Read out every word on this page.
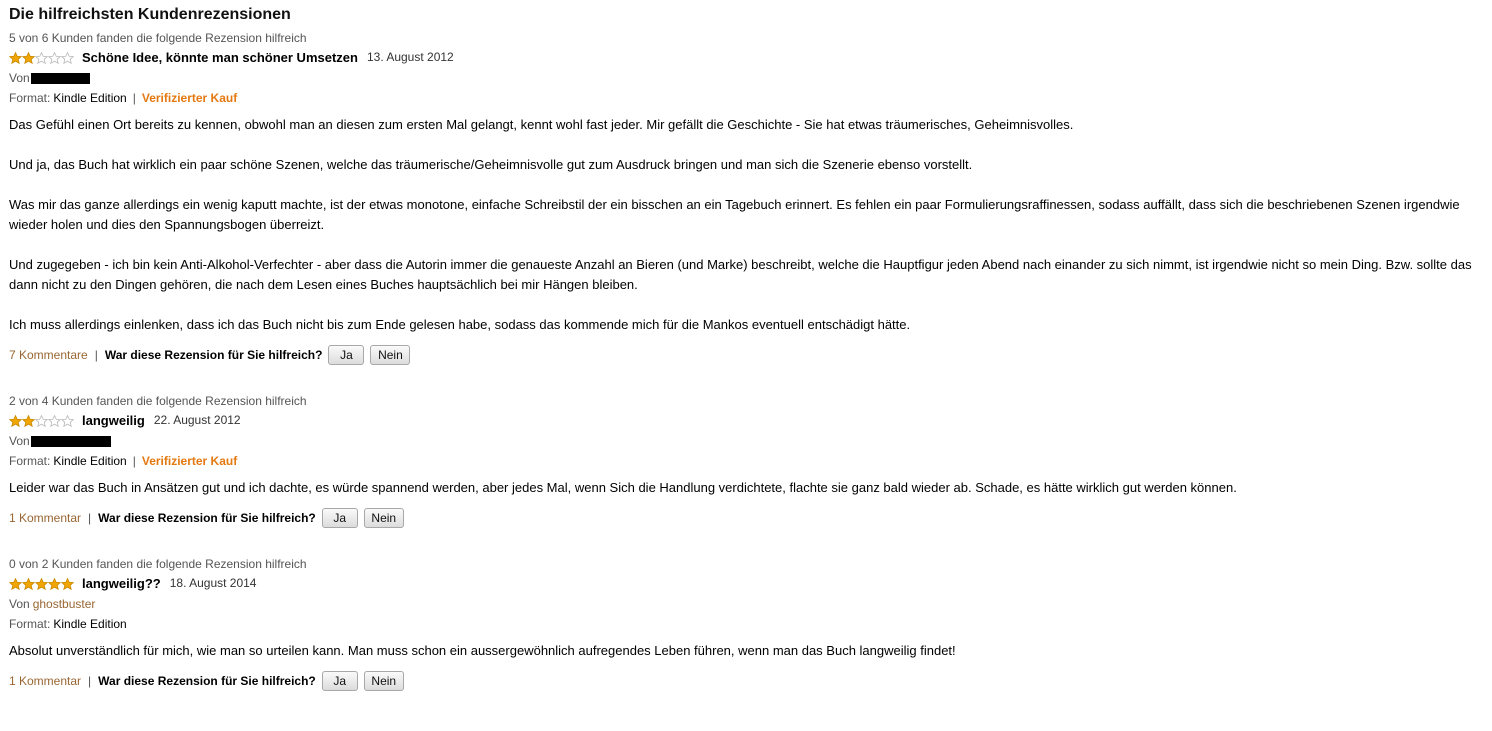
Die hilfreichsten Kundenrezensionen
5 von 6 Kunden fanden die folgende Rezension hilfreich
Schöne Idee, könnte man schöner Umsetzen 13. August 2012
Von
Format: Kindle Edition | Verifizierter Kauf

Das Gefühl einen Ort bereits zu kennen, obwohl man an diesen zum ersten Mal gelangt, kennt wohl fast jeder. Mir gefällt die Geschichte - Sie hat etwas träumerisches, Geheimnisvolles.

Und ja, das Buch hat wirklich ein paar schöne Szenen, welche das träumerische/Geheimnisvolle gut zum Ausdruck bringen und man sich die Szenerie ebenso vorstellt.

Was mir das ganze allerdings ein wenig kaputt machte, ist der etwas monotone, einfache Schreibstil der ein bisschen an ein Tagebuch erinnert. Es fehlen ein paar Formulierungsraffinessen, sodass auffällt, dass sich die beschriebenen Szenen irgendwie wieder holen und dies den Spannungsbogen überreizt.

Und zugegeben - ich bin kein Anti-Alkohol-Verfechter - aber dass die Autorin immer die genaueste Anzahl an Bieren (und Marke) beschreibt, welche die Hauptfigur jeden Abend nach einander zu sich nimmt, ist irgendwie nicht so mein Ding. Bzw. sollte das dann nicht zu den Dingen gehören, die nach dem Lesen eines Buches hauptsächlich bei mir Hängen bleiben.

Ich muss allerdings einlenken, dass ich das Buch nicht bis zum Ende gelesen habe, sodass das kommende mich für die Mankos eventuell entschädigt hätte.

7 Kommentare | War diese Rezension für Sie hilfreich?	Ja	Nein
2 von 4 Kunden fanden die folgende Rezension hilfreich
langweilig 22. August 2012
Von
Format: Kindle Edition | Verifizierter Kauf

Leider war das Buch in Ansätzen gut und ich dachte, es würde spannend werden, aber jedes Mal, wenn Sich die Handlung verdichtete, flachte sie ganz bald wieder ab. Schade, es hätte wirklich gut werden können.

1 Kommentar | War diese Rezension für Sie hilfreich?	Ja	Nein
0 von 2 Kunden fanden die folgende Rezension hilfreich
langweilig?? 18. August 2014
Von ghostbuster
Format: Kindle Edition

Absolut unverständlich für mich, wie man so urteilen kann. Man muss schon ein aussergewöhnlich aufregendes Leben führen, wenn man das Buch langweilig findet!

1 Kommentar | War diese Rezension für Sie hilfreich?	Ja	Nein
